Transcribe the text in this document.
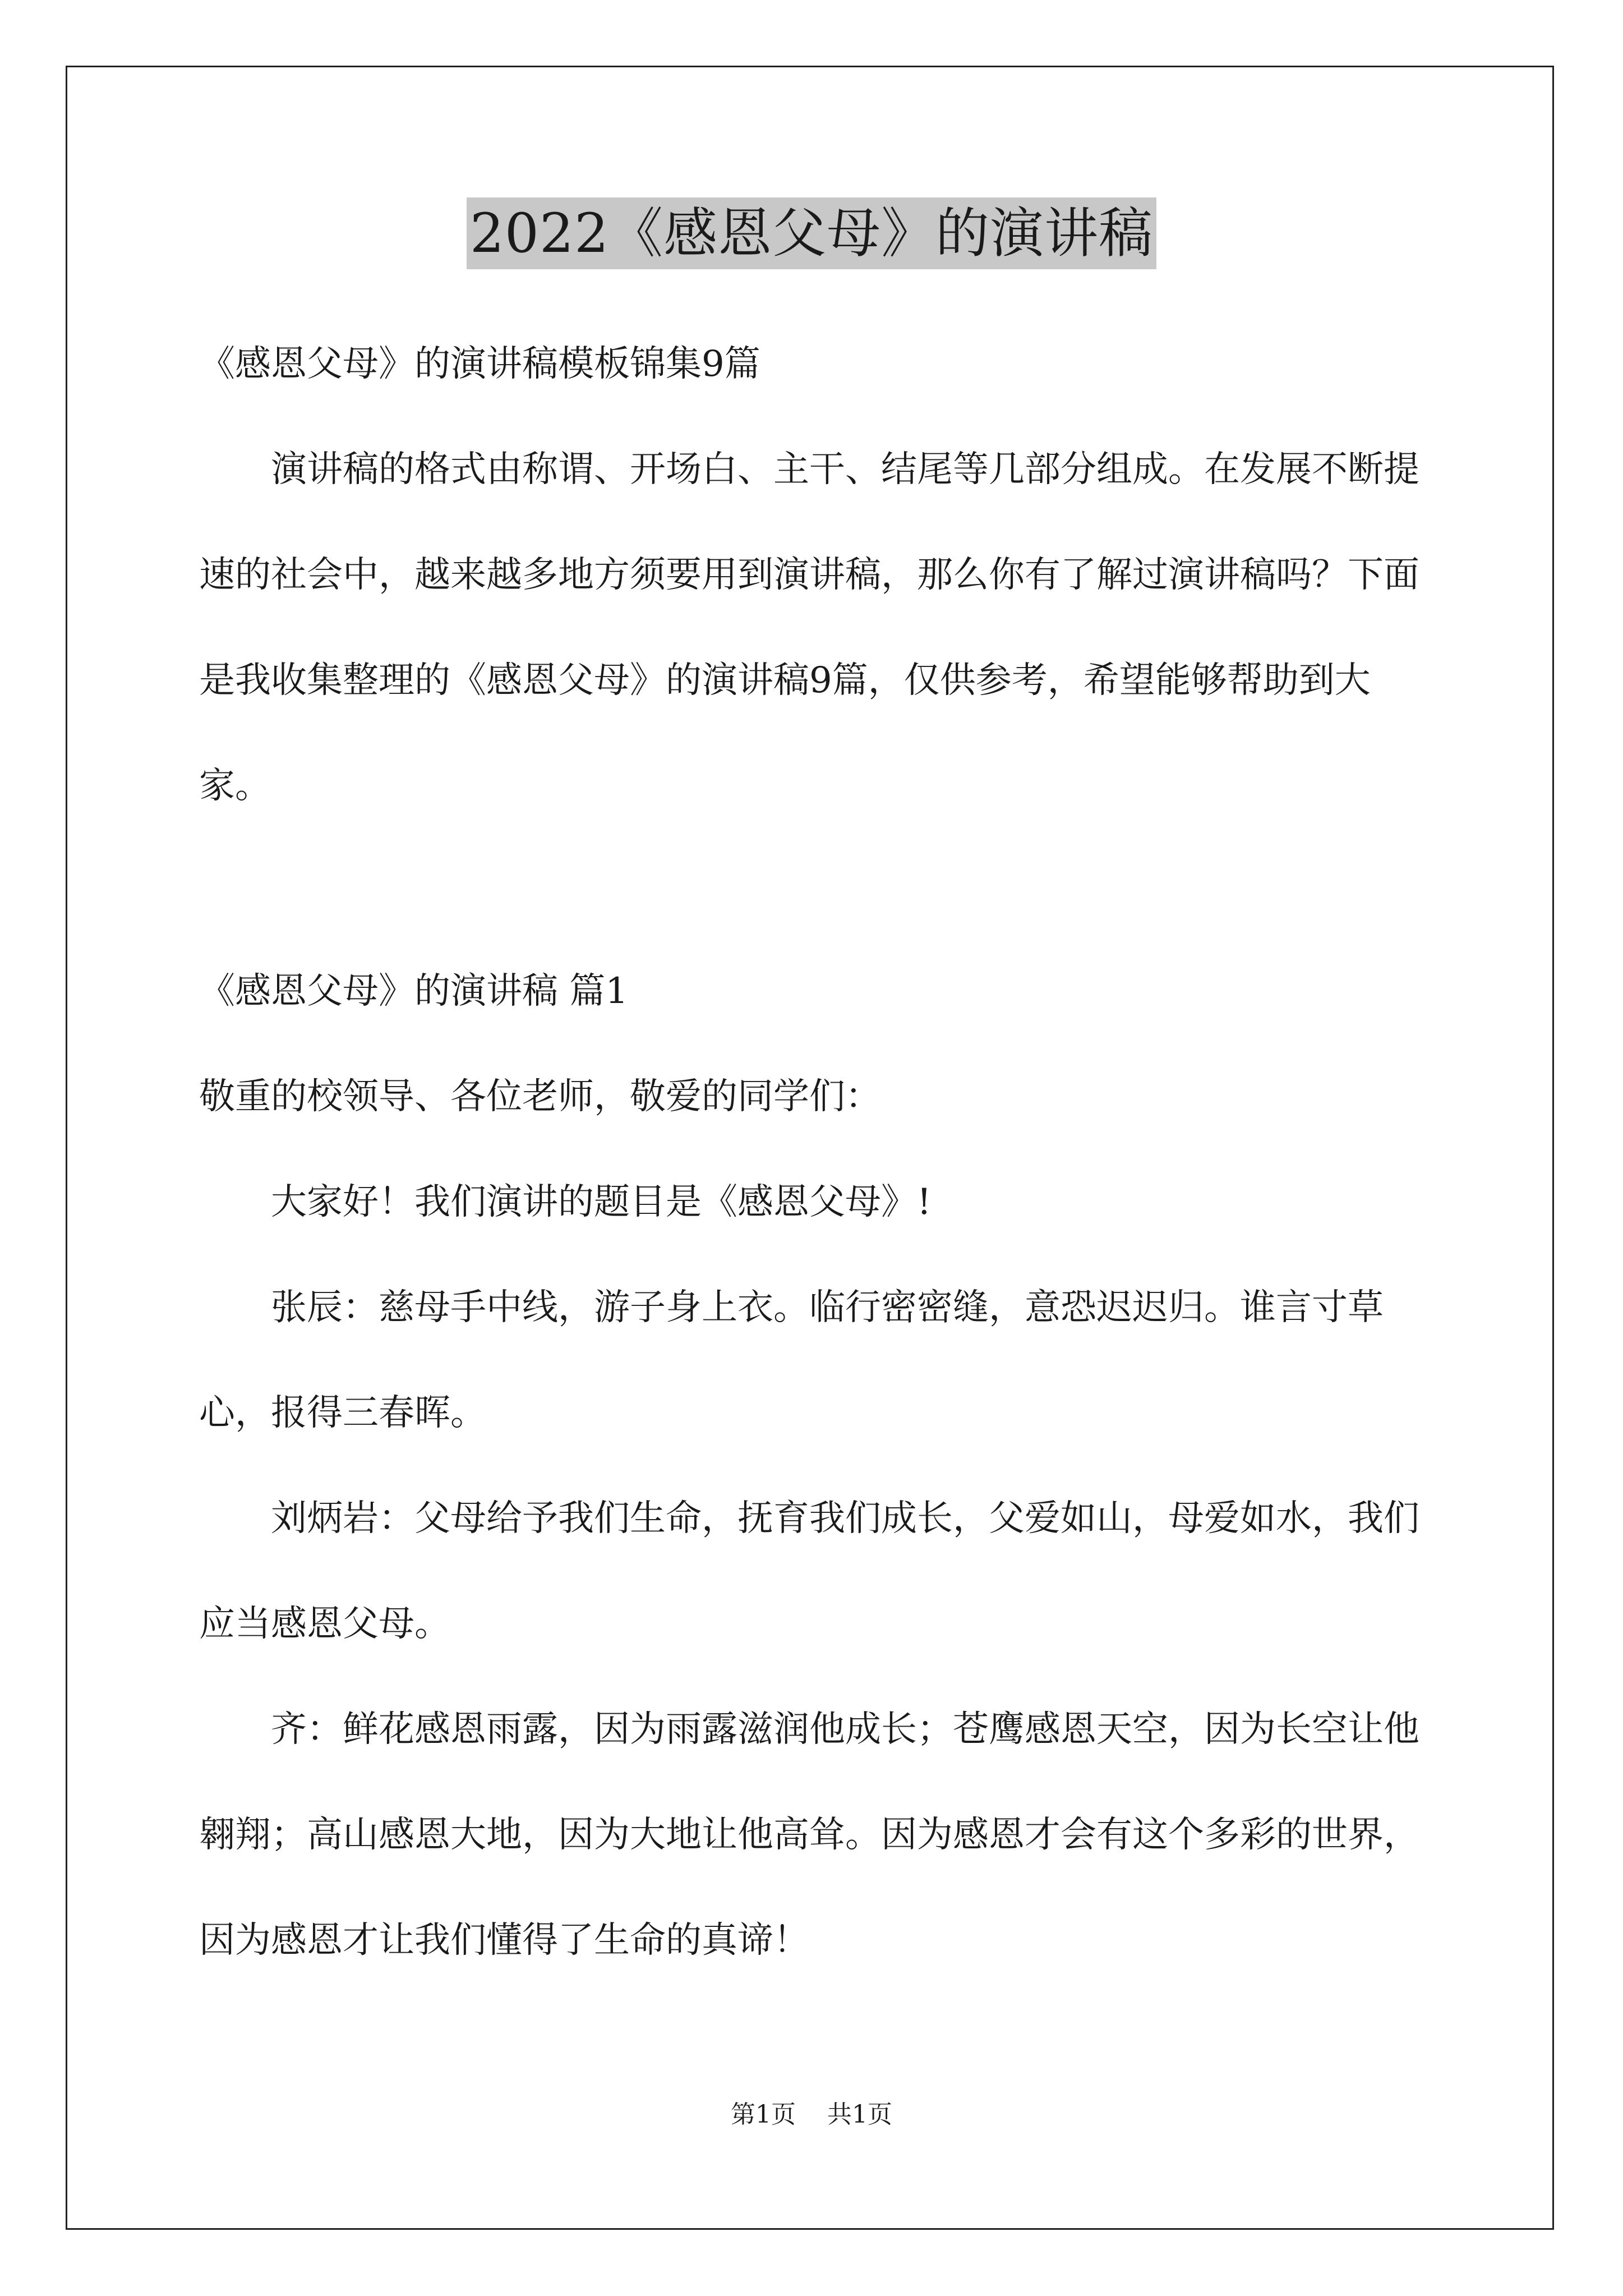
2022《感恩父母》的演讲稿

《感恩父母》的演讲稿模板锦集9篇

演讲稿的格式由称谓、开场白、主干、结尾等几部分组成。在发展不断提速的社会中，越来越多地方须要用到演讲稿，那么你有了解过演讲稿吗？下面是我收集整理的《感恩父母》的演讲稿9篇，仅供参考，希望能够帮助到大家。

《感恩父母》的演讲稿 篇1

敬重的校领导、各位老师，敬爱的同学们：

大家好！我们演讲的题目是《感恩父母》!

张辰：慈母手中线，游子身上衣。临行密密缝，意恐迟迟归。谁言寸草心，报得三春晖。

刘炳岩：父母给予我们生命，抚育我们成长，父爱如山，母爱如水，我们应当感恩父母。

齐：鲜花感恩雨露，因为雨露滋润他成长；苍鹰感恩天空，因为长空让他翱翔；高山感恩大地，因为大地让他高耸。因为感恩才会有这个多彩的世界，因为感恩才让我们懂得了生命的真谛！

第1页 共1页
